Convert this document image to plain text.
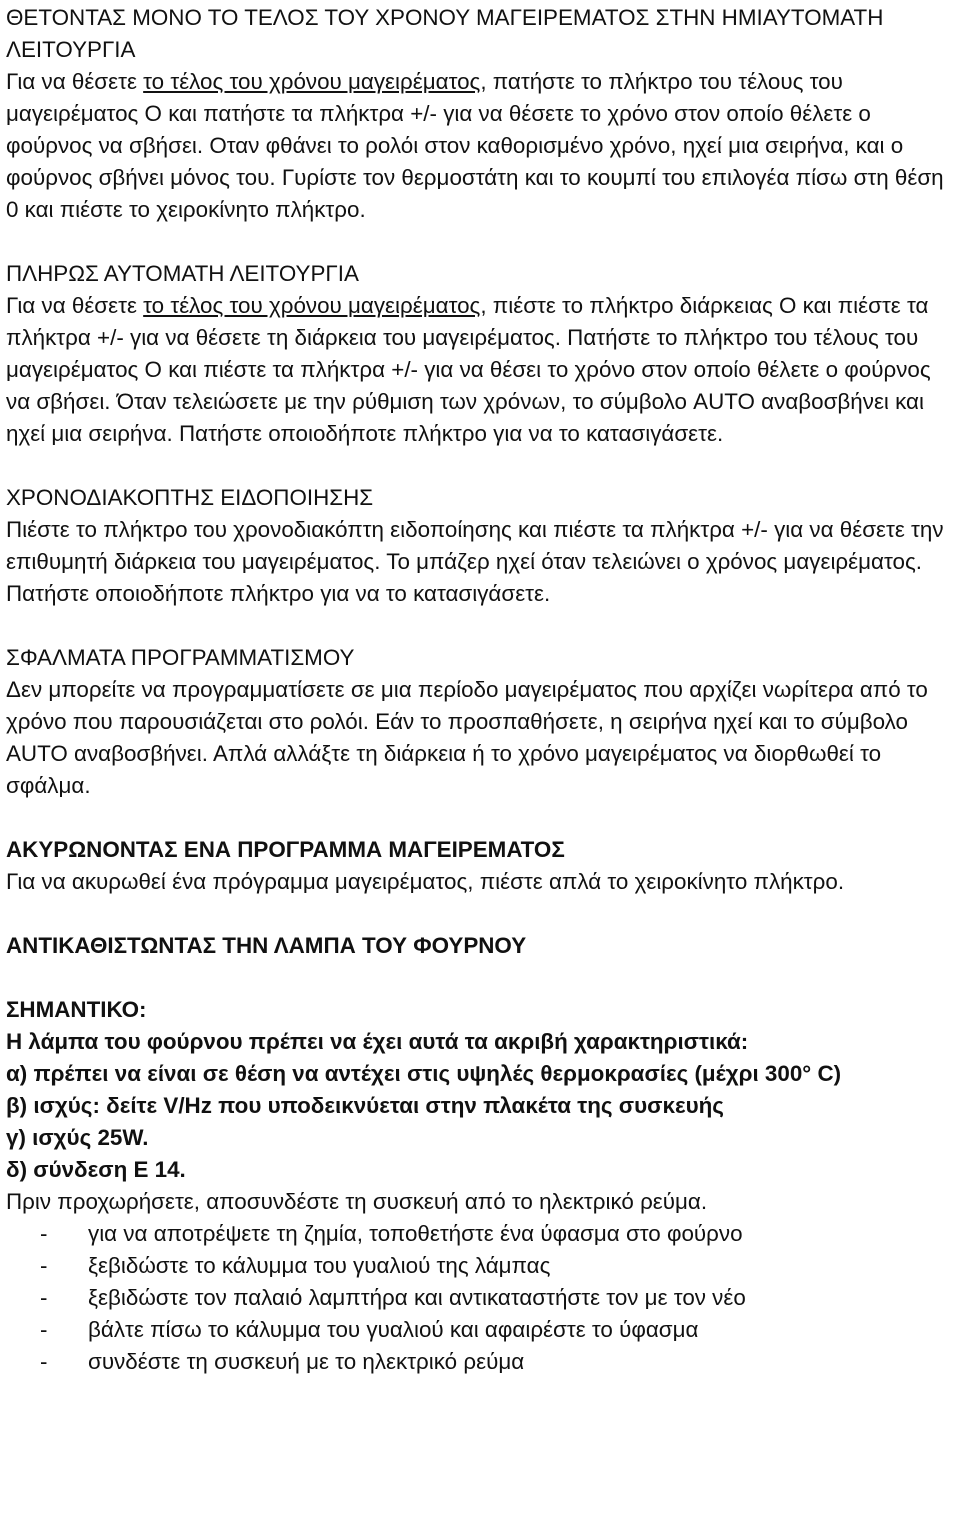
ΘΕΤΟΝΤΑΣ ΜΟΝΟ ΤΟ ΤΕΛΟΣ ΤΟΥ ΧΡΟΝΟΥ ΜΑΓΕΙΡΕΜΑΤΟΣ ΣΤΗΝ ΗΜΙΑΥΤΟΜΑΤΗ ΛΕΙΤΟΥΡΓΙΑ

Για να θέσετε το τέλος του χρόνου μαγειρέματος, πατήστε το πλήκτρο του τέλους του μαγειρέματος Ο και πατήστε τα πλήκτρα +/- για να θέσετε το χρόνο στον οποίο θέλετε ο φούρνος να σβήσει. Οταν φθάνει το ρολόι στον καθορισμένο χρόνο, ηχεί μια σειρήνα, και ο φούρνος σβήνει μόνος του. Γυρίστε τον θερμοστάτη και το κουμπί του επιλογέα πίσω στη θέση 0 και πιέστε το χειροκίνητο πλήκτρο.

ΠΛΗΡΩΣ ΑΥΤΟΜΑΤΗ ΛΕΙΤΟΥΡΓΙΑ

Για να θέσετε το τέλος του χρόνου μαγειρέματος, πιέστε το πλήκτρο διάρκειας Ο και πιέστε τα πλήκτρα +/- για να θέσετε τη διάρκεια του μαγειρέματος. Πατήστε το πλήκτρο του τέλους του μαγειρέματος Ο και πιέστε τα πλήκτρα +/- για να θέσει το χρόνο στον οποίο θέλετε ο φούρνος να σβήσει. Όταν τελειώσετε με την ρύθμιση των χρόνων, το σύμβολο AUTO αναβοσβήνει και ηχεί μια σειρήνα. Πατήστε οποιοδήποτε πλήκτρο για να το κατασιγάσετε.

ΧΡΟΝΟΔΙΑΚΟΠΤΗΣ ΕΙΔΟΠΟΙΗΣΗΣ

Πιέστε το πλήκτρο του χρονοδιακόπτη ειδοποίησης και πιέστε τα πλήκτρα +/- για να θέσετε την επιθυμητή διάρκεια του μαγειρέματος. Το μπάζερ ηχεί όταν τελειώνει ο χρόνος μαγειρέματος. Πατήστε οποιοδήποτε πλήκτρο για να το κατασιγάσετε.

ΣΦΑΛΜΑΤΑ ΠΡΟΓΡΑΜΜΑΤΙΣΜΟΥ

Δεν μπορείτε να προγραμματίσετε σε μια περίοδο μαγειρέματος που αρχίζει νωρίτερα από το χρόνο που παρουσιάζεται στο ρολόι. Εάν το προσπαθήσετε, η σειρήνα ηχεί και το σύμβολο AUTO αναβοσβήνει. Απλά αλλάξτε τη διάρκεια ή το χρόνο μαγειρέματος να διορθωθεί το σφάλμα.

ΑΚΥΡΩΝΟΝΤΑΣ ΕΝΑ ΠΡΟΓΡΑΜΜΑ ΜΑΓΕΙΡΕΜΑΤΟΣ

Για να ακυρωθεί ένα πρόγραμμα μαγειρέματος, πιέστε απλά το χειροκίνητο πλήκτρο.

ΑΝΤΙΚΑΘΙΣΤΩΝΤΑΣ ΤΗΝ ΛΑΜΠΑ ΤΟΥ ΦΟΥΡΝΟΥ

ΣΗΜΑΝΤΙΚΟ:

Η λάμπα του φούρνου πρέπει να έχει αυτά τα ακριβή χαρακτηριστικά:

α) πρέπει να είναι σε θέση να αντέχει στις υψηλές θερμοκρασίες (μέχρι 300° C)

β) ισχύς: δείτε V/Hz που υποδεικνύεται στην πλακέτα της συσκευής

γ) ισχύς 25W.

δ) σύνδεση Ε 14.

Πριν προχωρήσετε, αποσυνδέστε τη συσκευή από το ηλεκτρικό ρεύμα.

- για να αποτρέψετε τη ζημία, τοποθετήστε ένα ύφασμα στο φούρνο
- ξεβιδώστε το κάλυμμα του γυαλιού της λάμπας
- ξεβιδώστε τον παλαιό λαμπτήρα και αντικαταστήστε τον με τον νέο
- βάλτε πίσω το κάλυμμα του γυαλιού και αφαιρέστε το ύφασμα
- συνδέστε τη συσκευή με το ηλεκτρικό ρεύμα
